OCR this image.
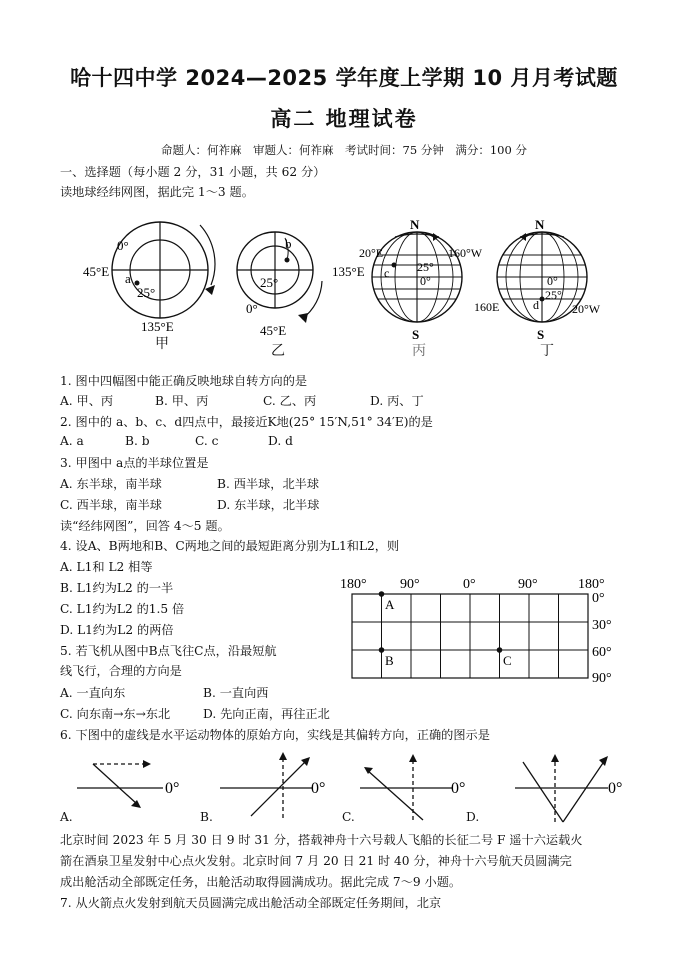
哈十四中学 2024—2025 学年度上学期 10 月月考试题
高二 地理试卷
命题人：何祚麻　审题人：何祚麻　考试时间：75 分钟　满分：100 分
一、选择题（每小题 2 分，31 小题，共 62 分）
读地球经纬网图，据此完 1～3 题。
0°
45°E a
25°
135°E
甲
b
25°
0°
135°E
45°E
乙
N
S
20°E	160°W
c 25°
0°
丙
N
S
0°
d
25°
160E	20°W
丁
1. 图中四幅图中能正确反映地球自转方向的是
A. 甲、丙	B. 甲、丙	C. 乙、丙	D. 丙、丁
2. 图中的 a、b、c、d四点中，最接近K地(25° 15′N,51° 34′E)的是
A. a	B. b	C. c	D. d
3. 甲图中 a点的半球位置是
A. 东半球，南半球	B. 西半球，北半球
C. 西半球，南半球	D. 东半球，北半球
读“经纬网图”，回答 4～5 题。
4. 设A、B两地和B、C两地之间的最短距离分别为L1和L2，则
A. L1和 L2 相等
B. L1约为L2 的一半
C. L1约为L2 的1.5 倍
D. L1约为L2 的两倍
5. 若飞机从图中B点飞往C点，沿最短航
线飞行，合理的方向是
A. 一直向东	B. 一直向西
C. 向东南→东→东北	D. 先向正南，再往正北
180° 90°	0°	90°	180°
A
B	C
0°
30°
60°
90°
6. 下图中的虚线是水平运动物体的原始方向，实线是其偏转方向，正确的图示是
0°	0°	0°	0°
A.	B.	C.	D.
北京时间 2023 年 5 月 30 日 9 时 31 分，搭载神舟十六号载人飞船的长征二号 F 遥十六运载火
箭在酒泉卫星发射中心点火发射。北京时间 7 月 20 日 21 时 40 分，神舟十六号航天员圆满完
成出舱活动全部既定任务，出舱活动取得圆满成功。据此完成 7～9 小题。
7. 从火箭点火发射到航天员圆满完成出舱活动全部既定任务期间，北京
